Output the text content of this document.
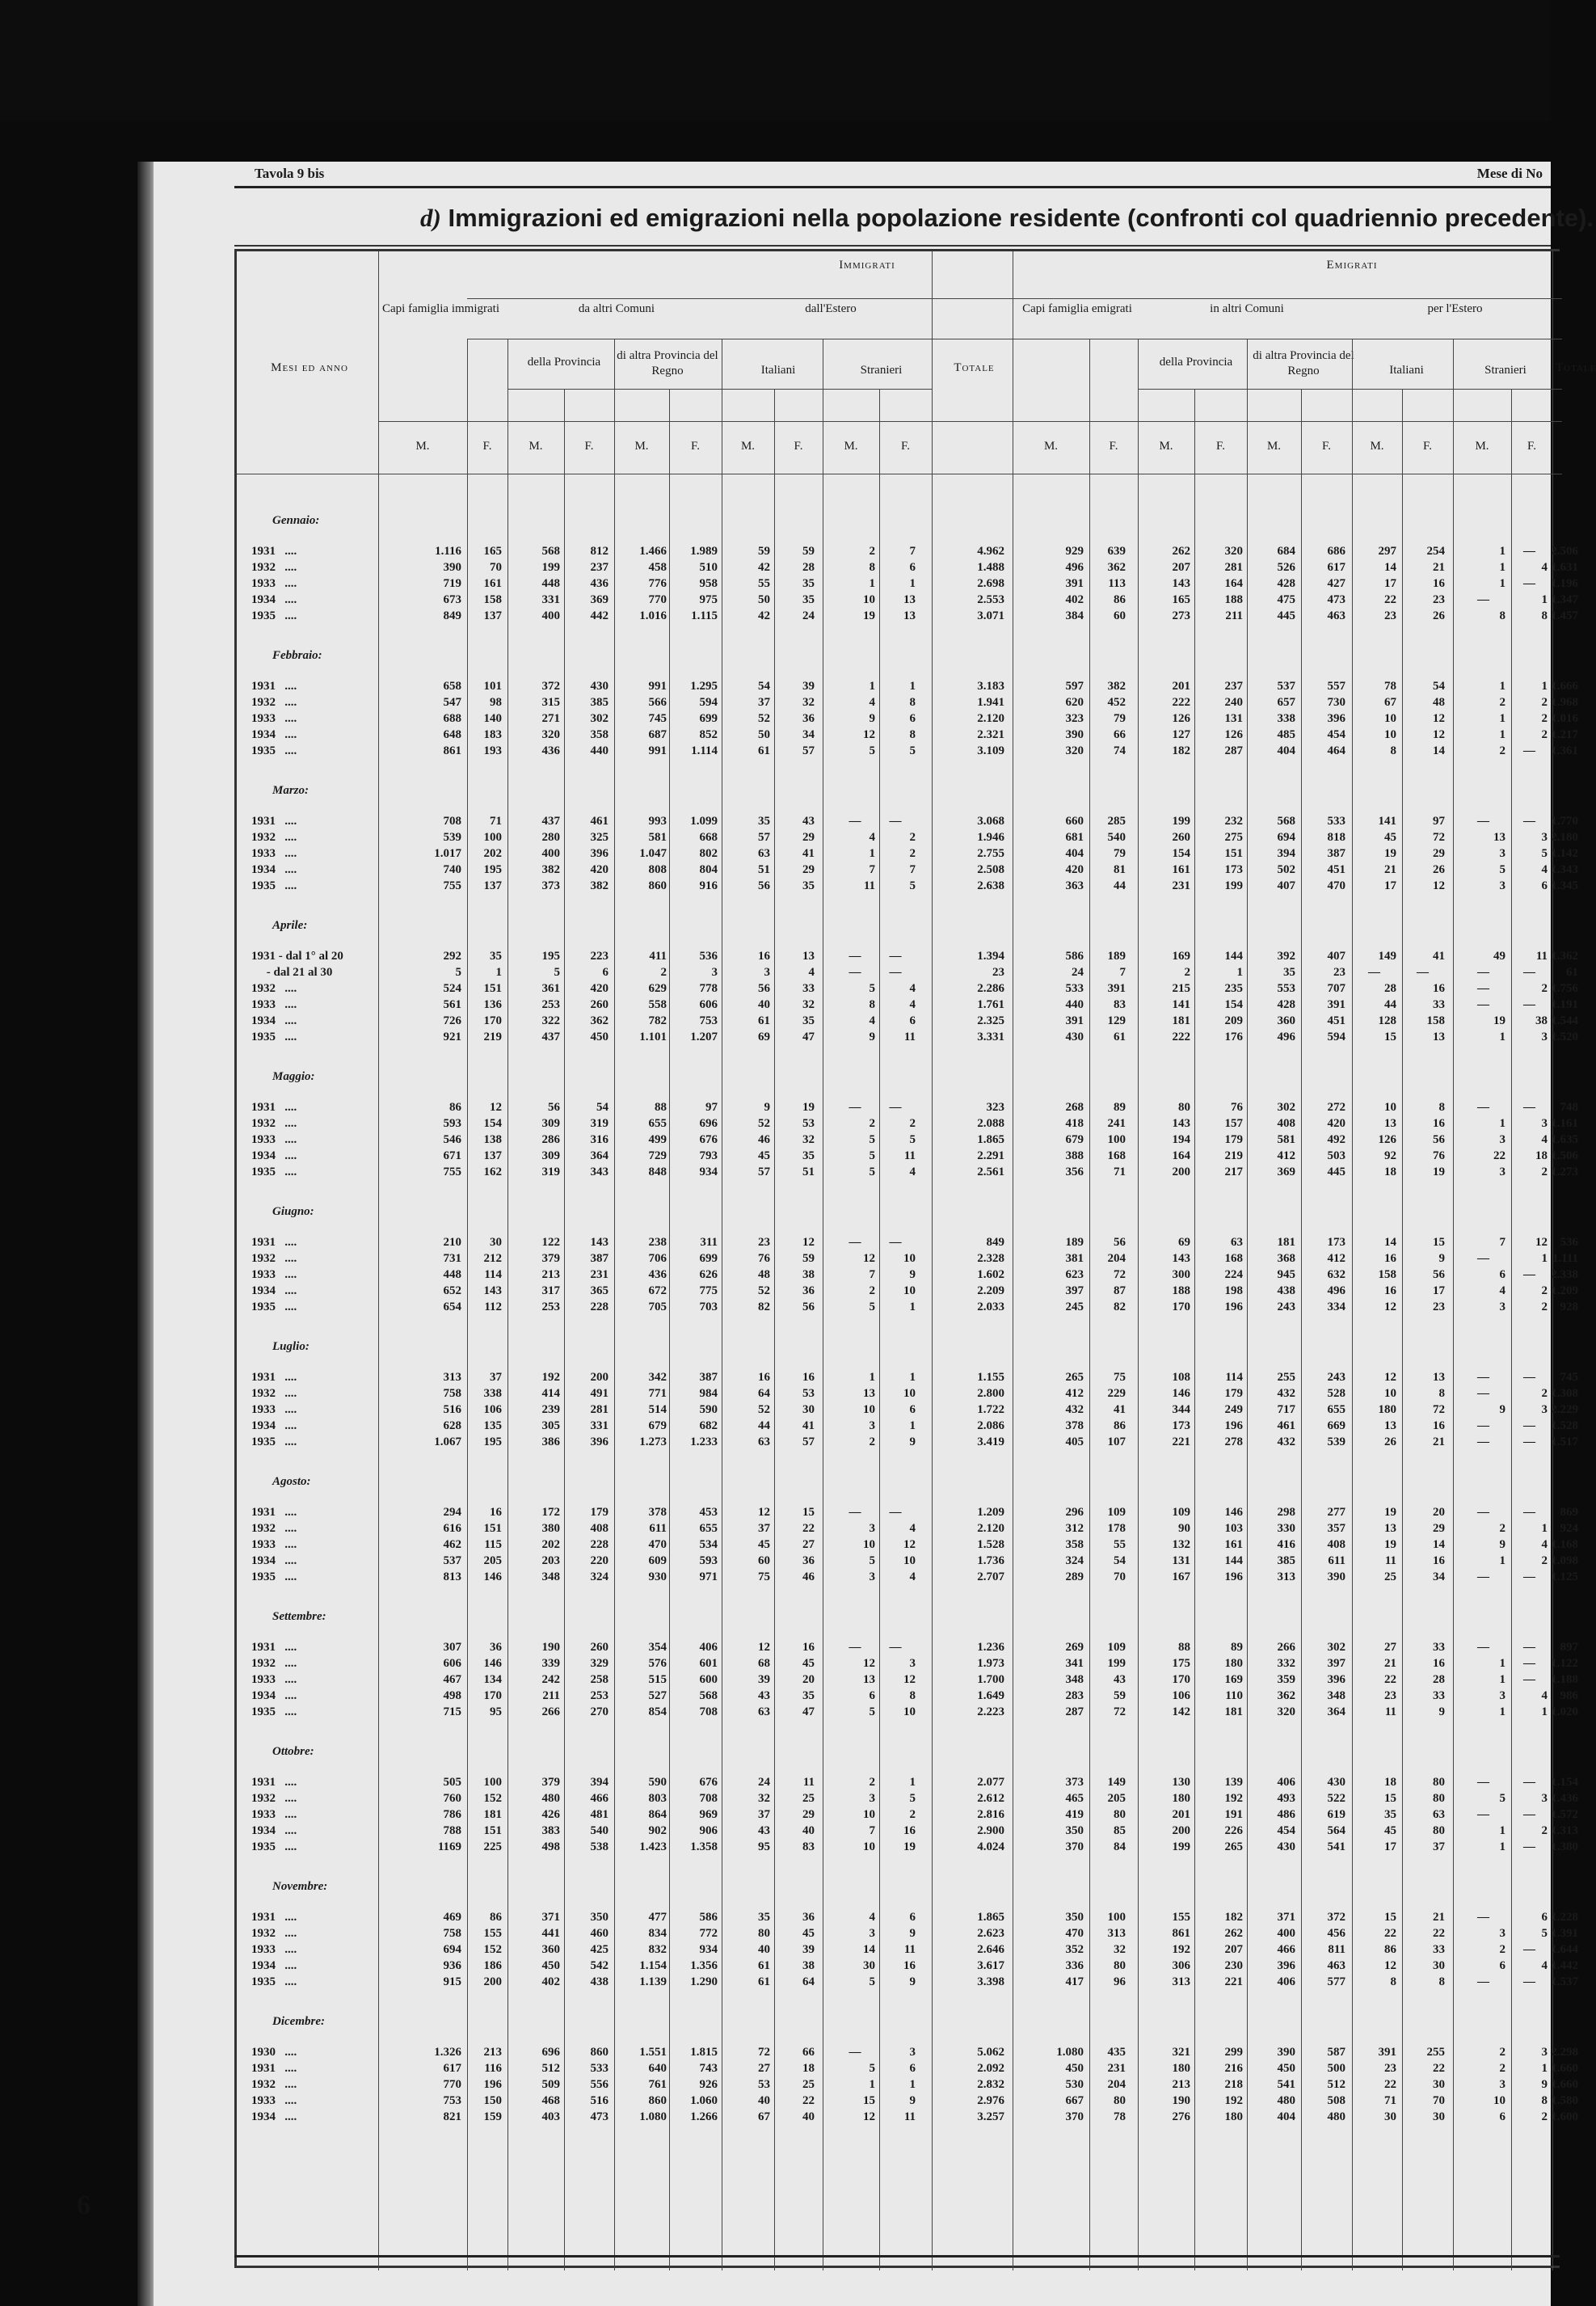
Tavola 9 bis	Mese di No
d) Immigrazioni ed emigrazioni nella popolazione residente (confronti col quadriennio precedente).
Mesi ed anno
Immigrati
Capi famiglia immigrati	da altri Comuni	dall'Estero
della Provincia	di altra Provincia del Regno	Italiani	Stranieri	Totale
Emigrati
Capi famiglia emigrati	in altri Comuni	per l'Estero
della Provincia	di altra Provincia del Regno	Italiani	Stranieri	Totale
M.	F.	M.	F.	M.	F.	M.	F.	M.	F.	M.	F.	M.	F.	M.	F.	M.	F.	M.	F.
Gennaio:
1931   ....	1.116	165	568	812	1.466	1.989	59	59	2	7	4.962	929	639	262	320	684	686	297	254	1	—	2.506
1932   ....	390	70	199	237	458	510	42	28	8	6	1.488	496	362	207	281	526	617	14	21	1	4 1.631
1933   ....	719	161	448	436	776	958	55	35	1	1	2.698	391	113	143	164	428	427	17	16	1	—	1.196
1934   ....	673	158	331	369	770	975	50	35	10	13	2.553	402	86	165	188	475	473	22	23	—	1 1.347
1935   ....	849	137	400	442	1.016	1.115	42	24	19	13	3.071	384	60	273	211	445	463	23	26	8	8 1.457
Febbraio:
1931   ....	658	101	372	430	991	1.295	54	39	1	1	3.183	597	382	201	237	537	557	78	54	1	1 1.666
1932   ....	547	98	315	385	566	594	37	32	4	8	1.941	620	452	222	240	657	730	67	48	2	2 1.968
1933   ....	688	140	271	302	745	699	52	36	9	6	2.120	323	79	126	131	338	396	10	12	1	2 1.016
1934   ....	648	183	320	358	687	852	50	34	12	8	2.321	390	66	127	126	485	454	10	12	1	2 1.217
1935   ....	861	193	436	440	991	1.114	61	57	5	5	3.109	320	74	182	287	404	464	8	14	2	—	1.361
Marzo:
1931   ....	708	71	437	461	993	1.099	35	43	—	—	3.068	660	285	199	232	568	533	141	97	—	—	1.770
1932   ....	539	100	280	325	581	668	57	29	4	2	1.946	681	540	260	275	694	818	45	72	13	3 2.180
1933   ....	1.017	202	400	396	1.047	802	63	41	1	2	2.755	404	79	154	151	394	387	19	29	3	5 1.142
1934   ....	740	195	382	420	808	804	51	29	7	7	2.508	420	81	161	173	502	451	21	26	5	4 1.343
1935   ....	755	137	373	382	860	916	56	35	11	5	2.638	363	44	231	199	407	470	17	12	3	6 1.345
Aprile:
1931 - dal 1° al 20	292	35	195	223	411	536	16	13	—	—	1.394	586	189	169	144	392	407	149	41	49	11 1.362
- dal 21 al 30	5	1	5	6	2	3	3	4	—	—	23	24	7	2	1	35	23	—	—	—	—	61
1932   ....	524	151	361	420	629	778	56	33	5	4	2.286	533	391	215	235	553	707	28	16	—	2 1.756
1933   ....	561	136	253	260	558	606	40	32	8	4	1.761	440	83	141	154	428	391	44	33	—	—	1.191
1934   ....	726	170	322	362	782	753	61	35	4	6	2.325	391	129	181	209	360	451	128	158	19	38 1.544
1935   ....	921	219	437	450	1.101	1.207	69	47	9	11	3.331	430	61	222	176	496	594	15	13	1	3 1.520
Maggio:
1931   ....	86	12	56	54	88	97	9	19	—	—	323	268	89	80	76	302	272	10	8	—	—	748
1932   ....	593	154	309	319	655	696	52	53	2	2	2.088	418	241	143	157	408	420	13	16	1	3 1.161
1933   ....	546	138	286	316	499	676	46	32	5	5	1.865	679	100	194	179	581	492	126	56	3	4 1.635
1934   ....	671	137	309	364	729	793	45	35	5	11	2.291	388	168	164	219	412	503	92	76	22	18 1.506
1935   ....	755	162	319	343	848	934	57	51	5	4	2.561	356	71	200	217	369	445	18	19	3	2 1.273
Giugno:
1931   ....	210	30	122	143	238	311	23	12	—	—	849	189	56	69	63	181	173	14	15	7	12	536
1932   ....	731	212	379	387	706	699	76	59	12	10	2.328	381	204	143	168	368	412	16	9	—	1 1.111
1933   ....	448	114	213	231	436	626	48	38	7	9	1.602	623	72	300	224	945	632	158	56	6	—	2.338
1934   ....	652	143	317	365	672	775	52	36	2	10	2.209	397	87	188	198	438	496	16	17	4	2 1.209
1935   ....	654	112	253	228	705	703	82	56	5	1	2.033	245	82	170	196	243	334	12	23	3	2	928
Luglio:
1931   ....	313	37	192	200	342	387	16	16	1	1	1.155	265	75	108	114	255	243	12	13	—	—	745
1932   ....	758	338	414	491	771	984	64	53	13	10	2.800	412	229	146	179	432	528	10	8	—	2 1.308
1933   ....	516	106	239	281	514	590	52	30	10	6	1.722	432	41	344	249	717	655	180	72	9	3 2.229
1934   ....	628	135	305	331	679	682	44	41	3	1	2.086	378	86	173	196	461	669	13	16	—	—	1.528
1935   ....	1.067	195	386	396	1.273	1.233	63	57	2	9	3.419	405	107	221	278	432	539	26	21	—	—	1.517
Agosto:
1931   ....	294	16	172	179	378	453	12	15	—	—	1.209	296	109	109	146	298	277	19	20	—	—	869
1932   ....	616	151	380	408	611	655	37	22	3	4	2.120	312	178	90	103	330	357	13	29	2	1	924
1933   ....	462	115	202	228	470	534	45	27	10	12	1.528	358	55	132	161	416	408	19	14	9	4 1.168
1934   ....	537	205	203	220	609	593	60	36	5	10	1.736	324	54	131	144	385	611	11	16	1	2 1.098
1935   ....	813	146	348	324	930	971	75	46	3	4	2.707	289	70	167	196	313	390	25	34	—	—	1.125
Settembre:
1931   ....	307	36	190	260	354	406	12	16	—	—	1.236	269	109	88	89	266	302	27	33	—	—	897
1932   ....	606	146	339	329	576	601	68	45	12	3	1.973	341	199	175	180	332	397	21	16	1	—	1.122
1933   ....	467	134	242	258	515	600	39	20	13	12	1.700	348	43	170	169	359	396	22	28	1	—	1.188
1934   ....	498	170	211	253	527	568	43	35	6	8	1.649	283	59	106	110	362	348	23	33	3	4	986
1935   ....	715	95	266	270	854	708	63	47	5	10	2.223	287	72	142	181	320	364	11	9	1	1 1.020
Ottobre:
1931   ....	505	100	379	394	590	676	24	11	2	1	2.077	373	149	130	139	406	430	18	80	—	—	1.154
1932   ....	760	152	480	466	803	708	32	25	3	5	2.612	465	205	180	192	493	522	15	80	5	3 1.436
1933   ....	786	181	426	481	864	969	37	29	10	2	2.816	419	80	201	191	486	619	35	63	—	—	1.572
1934   ....	788	151	383	540	902	906	43	40	7	16	2.900	350	85	200	226	454	564	45	80	1	2 1.313
1935   ....	1169	225	498	538	1.423	1.358	95	83	10	19	4.024	370	84	199	265	430	541	17	37	1	—	1.380
Novembre:
1931   ....	469	86	371	350	477	586	35	36	4	6	1.865	350	100	155	182	371	372	15	21	—	6 1.228
1932   ....	758	155	441	460	834	772	80	45	3	9	2.623	470	313	861	262	400	456	22	22	3	5 1.391
1933   ....	694	152	360	425	832	934	40	39	14	11	2.646	352	32	192	207	466	811	86	33	2	—	1.644
1934   ....	936	186	450	542	1.154	1.356	61	38	30	16	3.617	336	80	306	230	396	463	12	30	6	4 1.442
1935   ....	915	200	402	438	1.139	1.290	61	64	5	9	3.398	417	96	313	221	406	577	8	8	—	—	1.537
Dicembre:
1930   ....	1.326	213	696	860	1.551	1.815	72	66	—	3	5.062	1.080	435	321	299	390	587	391	255	2	3 2.298
1931   ....	617	116	512	533	640	743	27	18	5	6	2.092	450	231	180	216	450	500	23	22	2	1 1.660
1932   ....	770	196	509	556	761	926	53	25	1	1	2.832	530	204	213	218	541	512	22	30	3	9 1.660
1933   ....	753	150	468	516	860	1.060	40	22	15	9	2.976	667	80	190	192	480	508	71	70	10	8 1.580
1934   ....	821	159	403	473	1.080	1.266	67	40	12	11	3.257	370	78	276	180	404	480	30	30	6	2 1.600
6
